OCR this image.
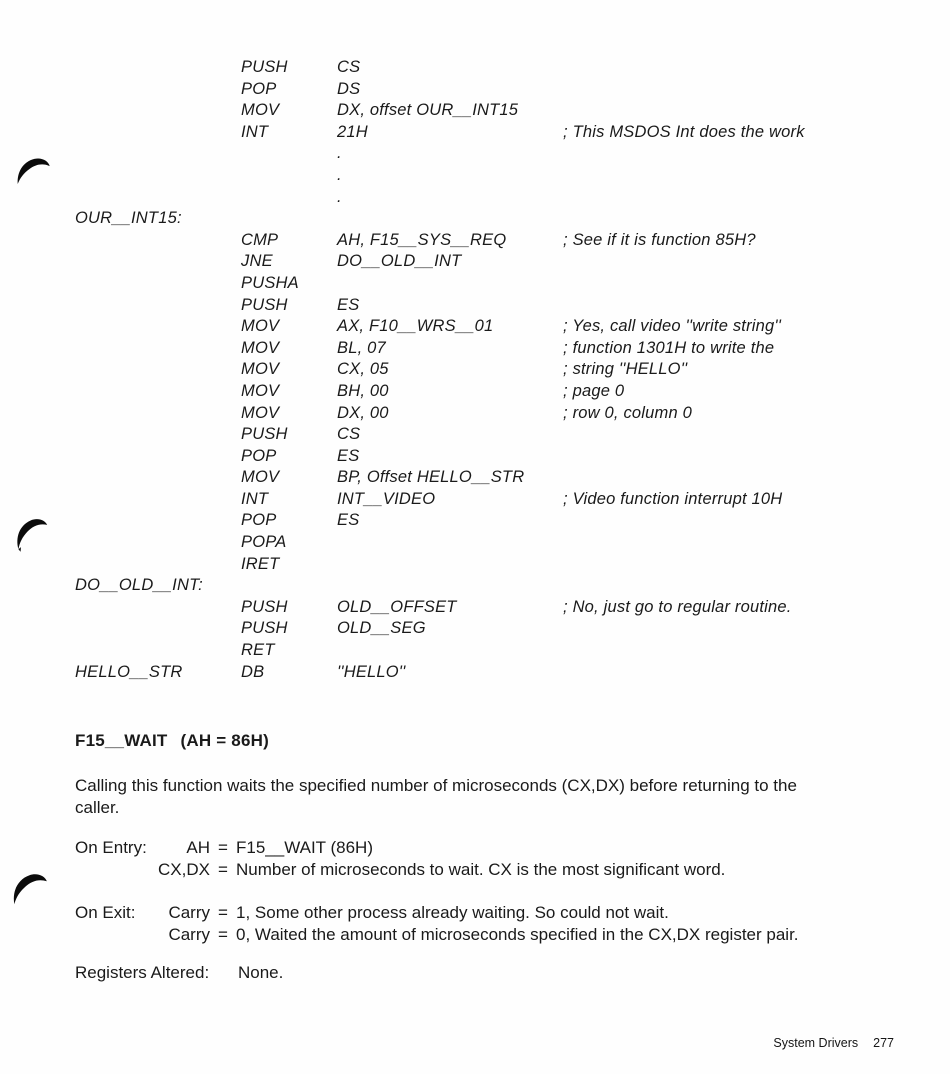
PUSH	CS
POP	DS
MOV	DX, offset OUR__INT15
INT	21H	; This MSDOS Int does the work
.
.
.
OUR__INT15:
CMP	AH, F15__SYS__REQ	; See if it is function 85H?
JNE	DO__OLD__INT
PUSHA
PUSH	ES
MOV	AX, F10__WRS__01	; Yes, call video ''write string''
MOV	BL, 07	; function 1301H to write the
MOV	CX, 05	; string ''HELLO''
MOV	BH, 00	; page 0
MOV	DX, 00	; row 0, column 0
PUSH	CS
POP	ES
MOV	BP, Offset HELLO__STR
INT	INT__VIDEO	; Video function interrupt 10H
POP	ES
POPA
IRET
DO__OLD__INT:
PUSH	OLD__OFFSET	; No, just go to regular routine.
PUSH	OLD__SEG
RET
HELLO__STR	DB	''HELLO''
F15__WAIT (AH = 86H)
Calling this function waits the specified number of microseconds (CX,DX) before returning to the
caller.
On Entry:	AH = F15__WAIT (86H)
CX,DX = Number of microseconds to wait. CX is the most significant word.
On Exit:	Carry = 1, Some other process already waiting. So could not wait.
Carry = 0, Waited the amount of microseconds specified in the CX,DX register pair.
Registers Altered: None.
System Drivers 277
